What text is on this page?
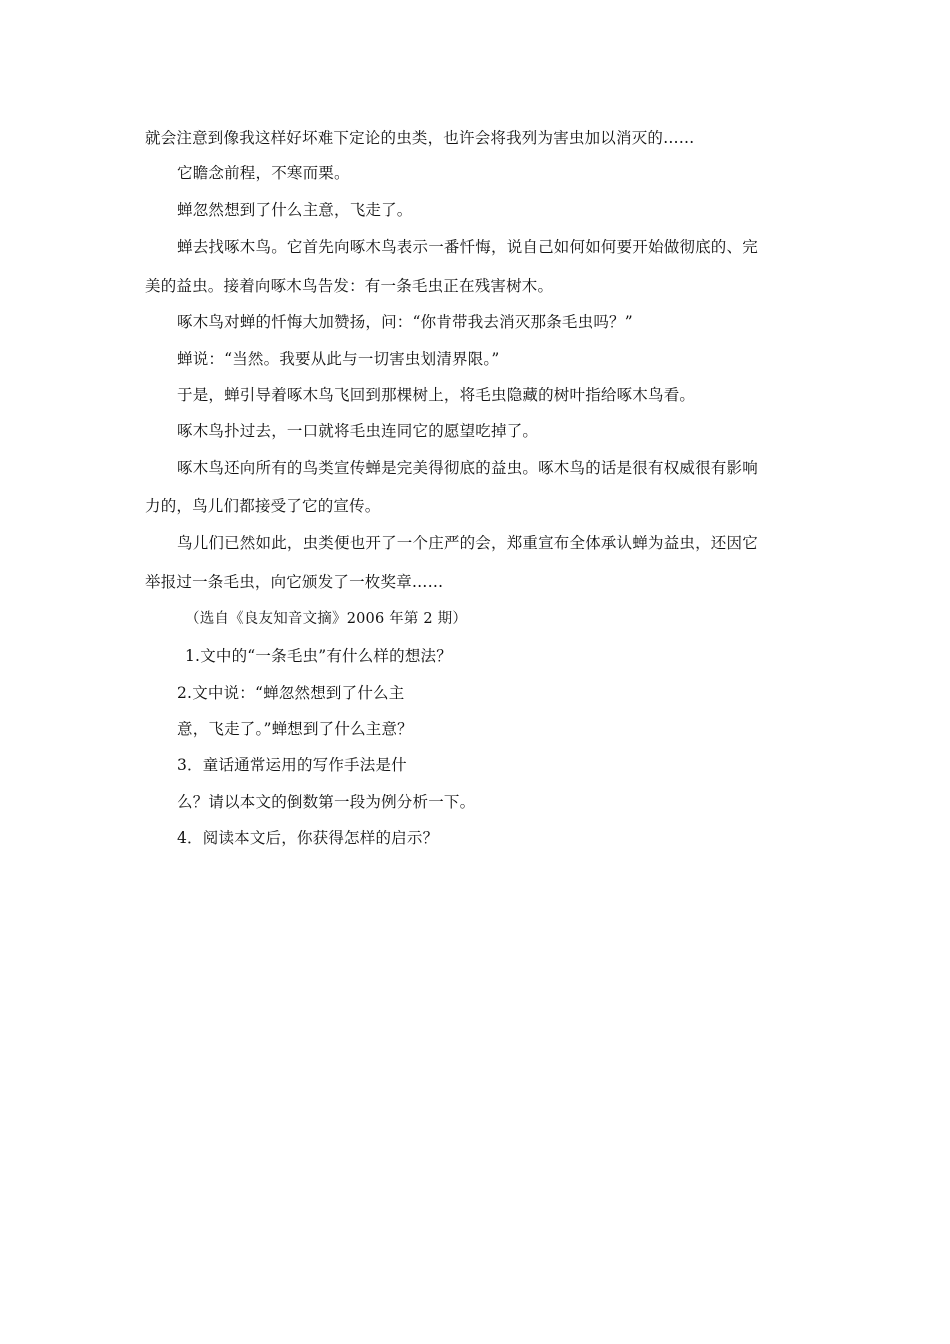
就会注意到像我这样好坏难下定论的虫类，也许会将我列为害虫加以消灭的……
它瞻念前程，不寒而栗。
蝉忽然想到了什么主意，飞走了。
蝉去找啄木鸟。它首先向啄木鸟表示一番忏悔，说自己如何如何要开始做彻底的、完
美的益虫。接着向啄木鸟告发：有一条毛虫正在残害树木。
啄木鸟对蝉的忏悔大加赞扬，问：“你肯带我去消灭那条毛虫吗？”
蝉说：“当然。我要从此与一切害虫划清界限。”
于是，蝉引导着啄木鸟飞回到那棵树上，将毛虫隐藏的树叶指给啄木鸟看。
啄木鸟扑过去，一口就将毛虫连同它的愿望吃掉了。
啄木鸟还向所有的鸟类宣传蝉是完美得彻底的益虫。啄木鸟的话是很有权威很有影响
力的，鸟儿们都接受了它的宣传。
鸟儿们已然如此，虫类便也开了一个庄严的会，郑重宣布全体承认蝉为益虫，还因它
举报过一条毛虫，向它颁发了一枚奖章……
（选自《良友知音文摘》2006 年第 2 期）
1.文中的“一条毛虫”有什么样的想法？
2.文中说：“蝉忽然想到了什么主
意，飞走了。”蝉想到了什么主意？
3．童话通常运用的写作手法是什
么？请以本文的倒数第一段为例分析一下。
4．阅读本文后，你获得怎样的启示？
